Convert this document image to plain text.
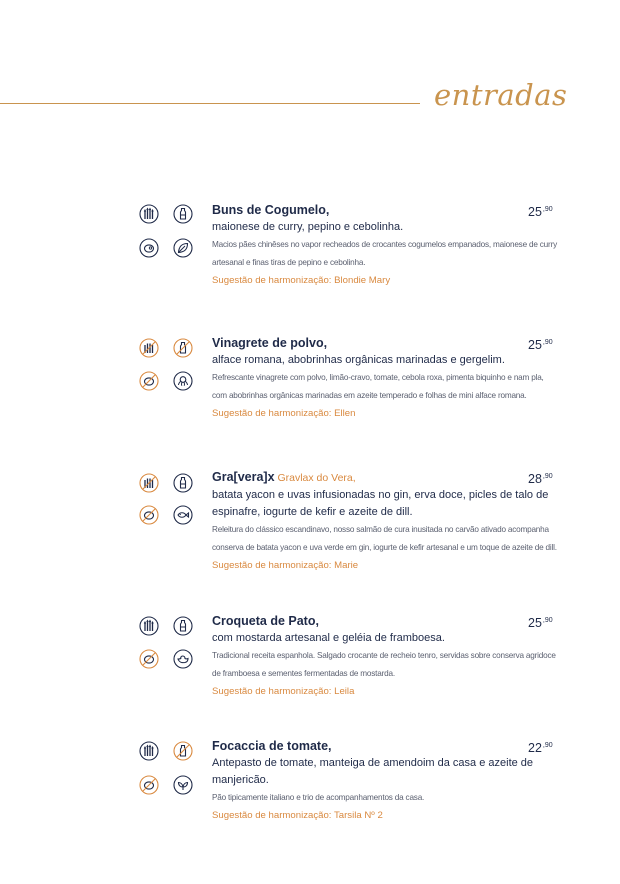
entradas
Buns de Cogumelo,
maionese de curry, pepino e cebolinha.
Macios pães chinêses no vapor recheados de crocantes cogumelos empanados, maionese de curry artesanal e finas tiras de pepino e cebolinha.
Sugestão de harmonização: Blondie Mary
$25^{,90}$
Vinagrete de polvo,
alface romana, abobrinhas orgânicas marinadas e gergelim.
Refrescante vinagrete com polvo, limão-cravo, tomate, cebola roxa, pimenta biquinho e nam pla, com abobrinhas orgânicas marinadas em azeite temperado e folhas de mini alface romana.
Sugestão de harmonização: Ellen
$25^{,90}$
Gra[vera]x Gravlax do Vera,
batata yacon e uvas infusionadas no gin, erva doce, picles de talo de espinafre, iogurte de kefir e azeite de dill.
Releitura do clássico escandinavo, nosso salmão de cura inusitada no carvão ativado acompanha conserva de batata yacon e uva verde em gin, iogurte de kefir artesanal e um toque de azeite de dill.
Sugestão de harmonização: Marie
$28^{,90}$
Croqueta de Pato,
com mostarda artesanal e geléia de framboesa.
Tradicional receita espanhola. Salgado crocante de recheio tenro, servidas sobre conserva agridoce de framboesa e sementes fermentadas de mostarda.
Sugestão de harmonização: Leila
$25^{,90}$
Focaccia de tomate,
Antepasto de tomate, manteiga de amendoim da casa e azeite de manjericão.
Pão tipicamente italiano e trio de acompanhamentos da casa.
Sugestão de harmonização: Tarsila Nº 2
$22^{,90}$
